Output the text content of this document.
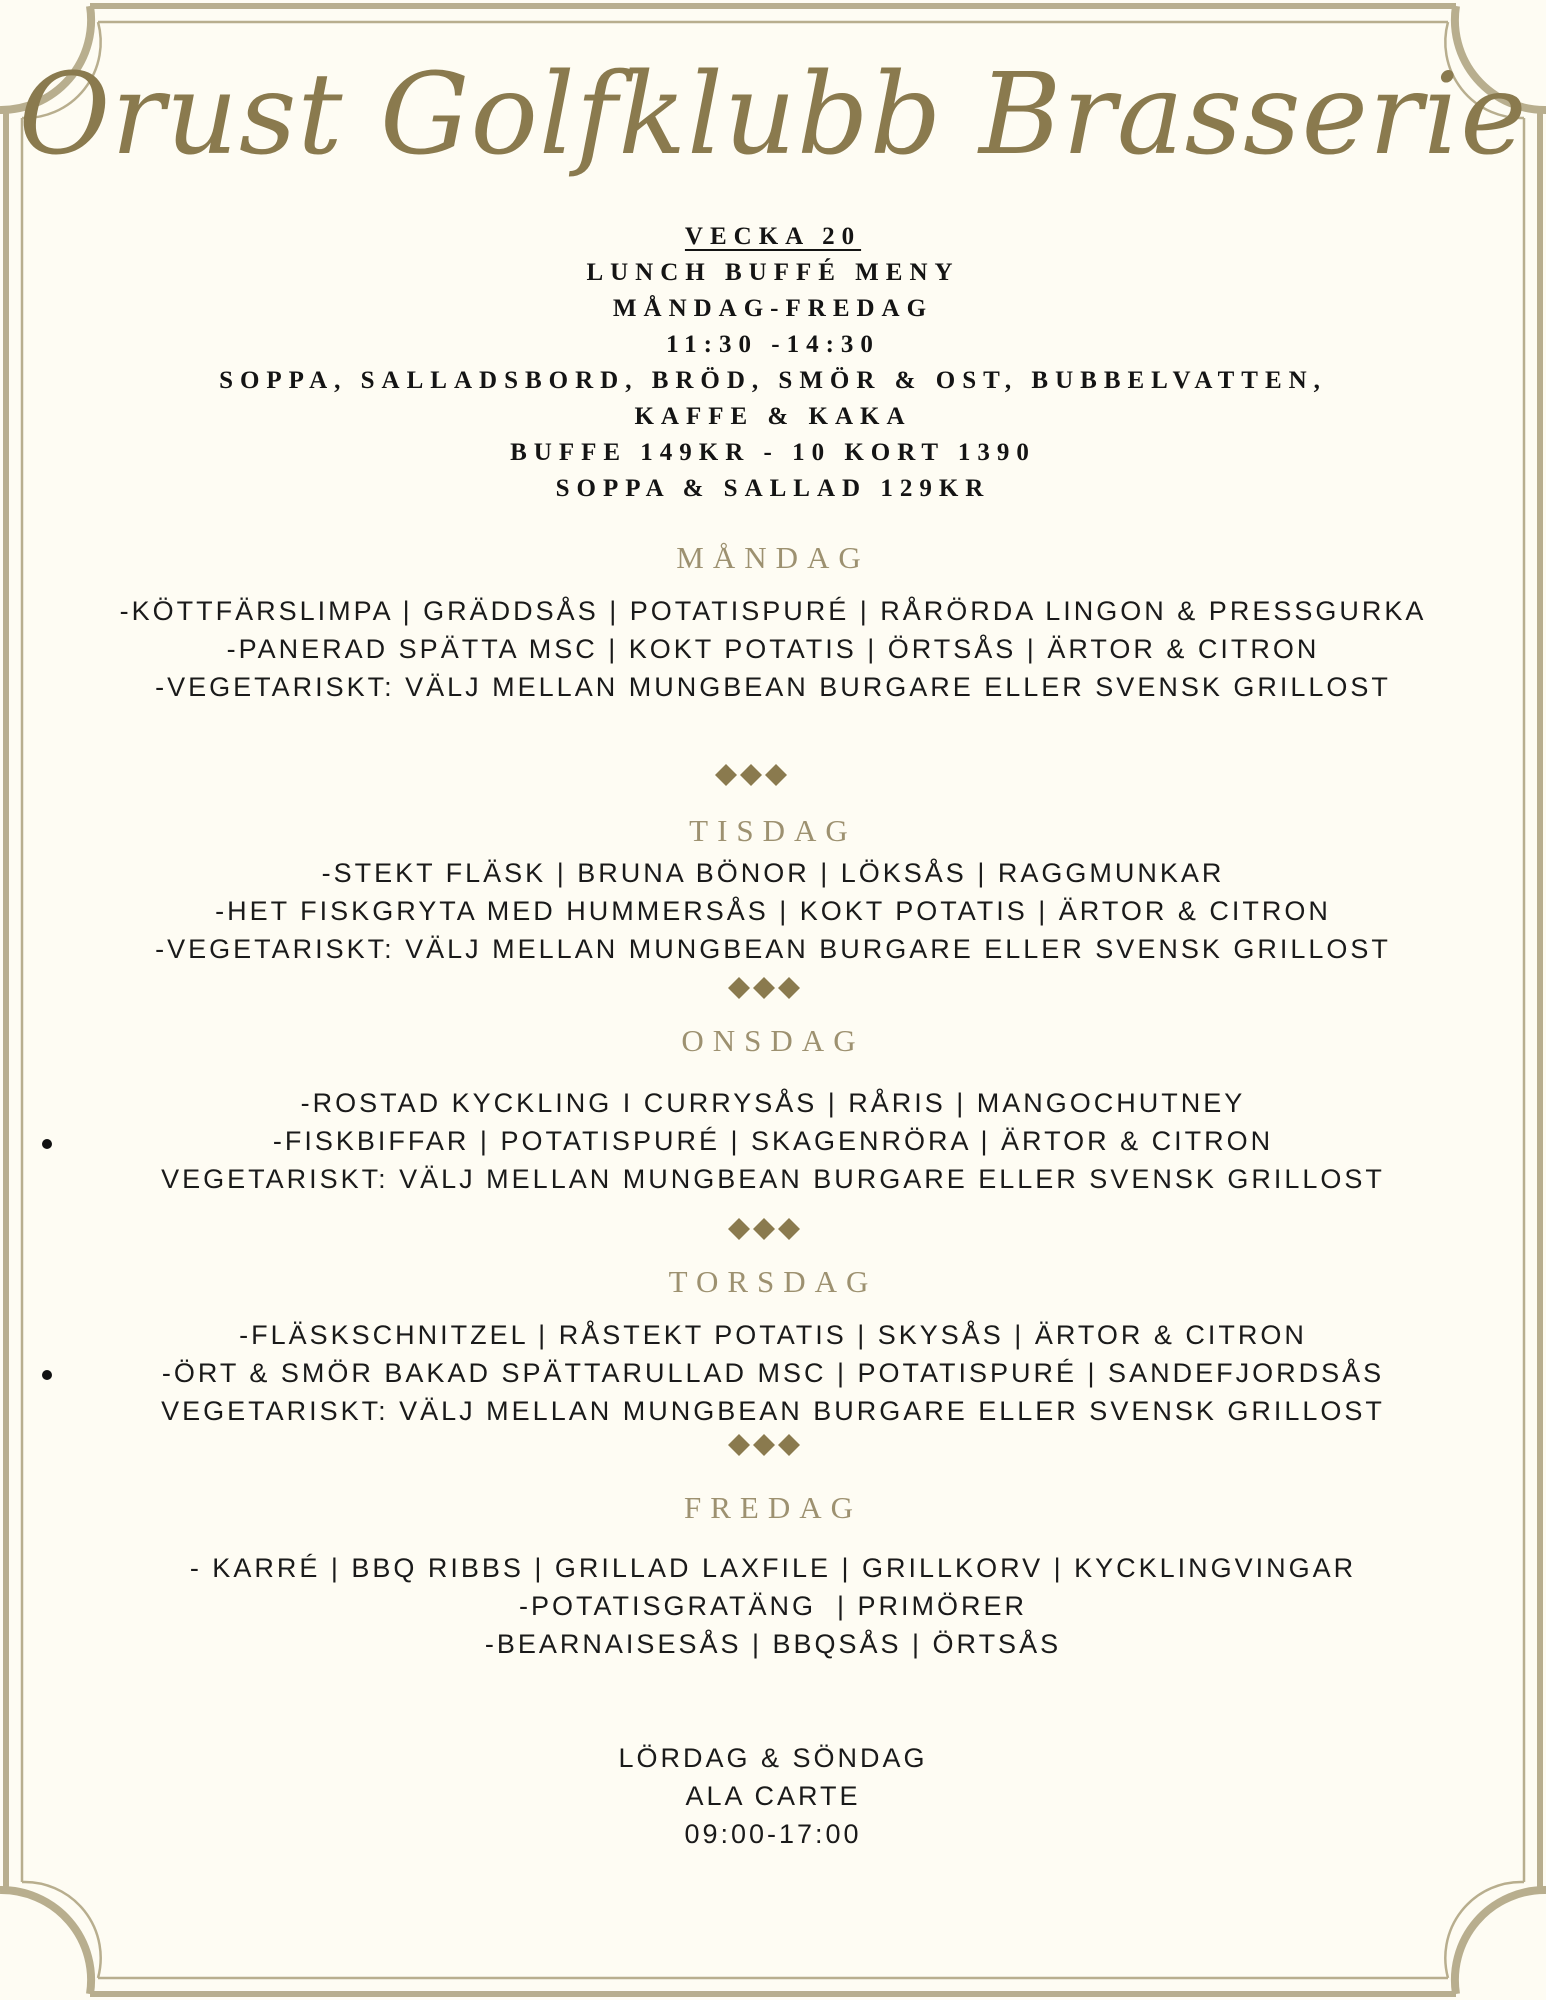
Orust Golfklubb Brasserie
VECKA 20
LUNCH BUFFÉ MENY
MÅNDAG-FREDAG
11:30 -14:30
SOPPA, SALLADSBORD, BRÖD, SMÖR & OST, BUBBELVATTEN,
KAFFE & KAKA
BUFFE 149KR - 10 KORT 1390
SOPPA & SALLAD 129KR
MÅNDAG
-KÖTTFÄRSLIMPA | GRÄDDSÅS | POTATISPURÉ | RÅRÖRDA LINGON & PRESSGURKA
-PANERAD SPÄTTA MSC | KOKT POTATIS | ÖRTSÅS | ÄRTOR & CITRON
-VEGETARISKT: VÄLJ MELLAN MUNGBEAN BURGARE ELLER SVENSK GRILLOST
TISDAG
-STEKT FLÄSK | BRUNA BÖNOR | LÖKSÅS | RAGGMUNKAR
-HET FISKGRYTA MED HUMMERSÅS | KOKT POTATIS | ÄRTOR & CITRON
-VEGETARISKT: VÄLJ MELLAN MUNGBEAN BURGARE ELLER SVENSK GRILLOST
ONSDAG
-ROSTAD KYCKLING I CURRYSÅS | RÅRIS | MANGOCHUTNEY
-FISKBIFFAR | POTATISPURÉ | SKAGENRÖRA | ÄRTOR & CITRON
VEGETARISKT: VÄLJ MELLAN MUNGBEAN BURGARE ELLER SVENSK GRILLOST
TORSDAG
-FLÄSKSCHNITZEL | RÅSTEKT POTATIS | SKYSÅS | ÄRTOR & CITRON
-ÖRT & SMÖR BAKAD SPÄTTARULLAD MSC | POTATISPURÉ | SANDEFJORDSÅS
VEGETARISKT: VÄLJ MELLAN MUNGBEAN BURGARE ELLER SVENSK GRILLOST
FREDAG
- KARRÉ | BBQ RIBBS | GRILLAD LAXFILE | GRILLKORV | KYCKLINGVINGAR
-POTATISGRATÄNG  | PRIMÖRER
-BEARNAISESÅS | BBQSÅS | ÖRTSÅS
LÖRDAG & SÖNDAG
ALA CARTE
09:00-17:00
